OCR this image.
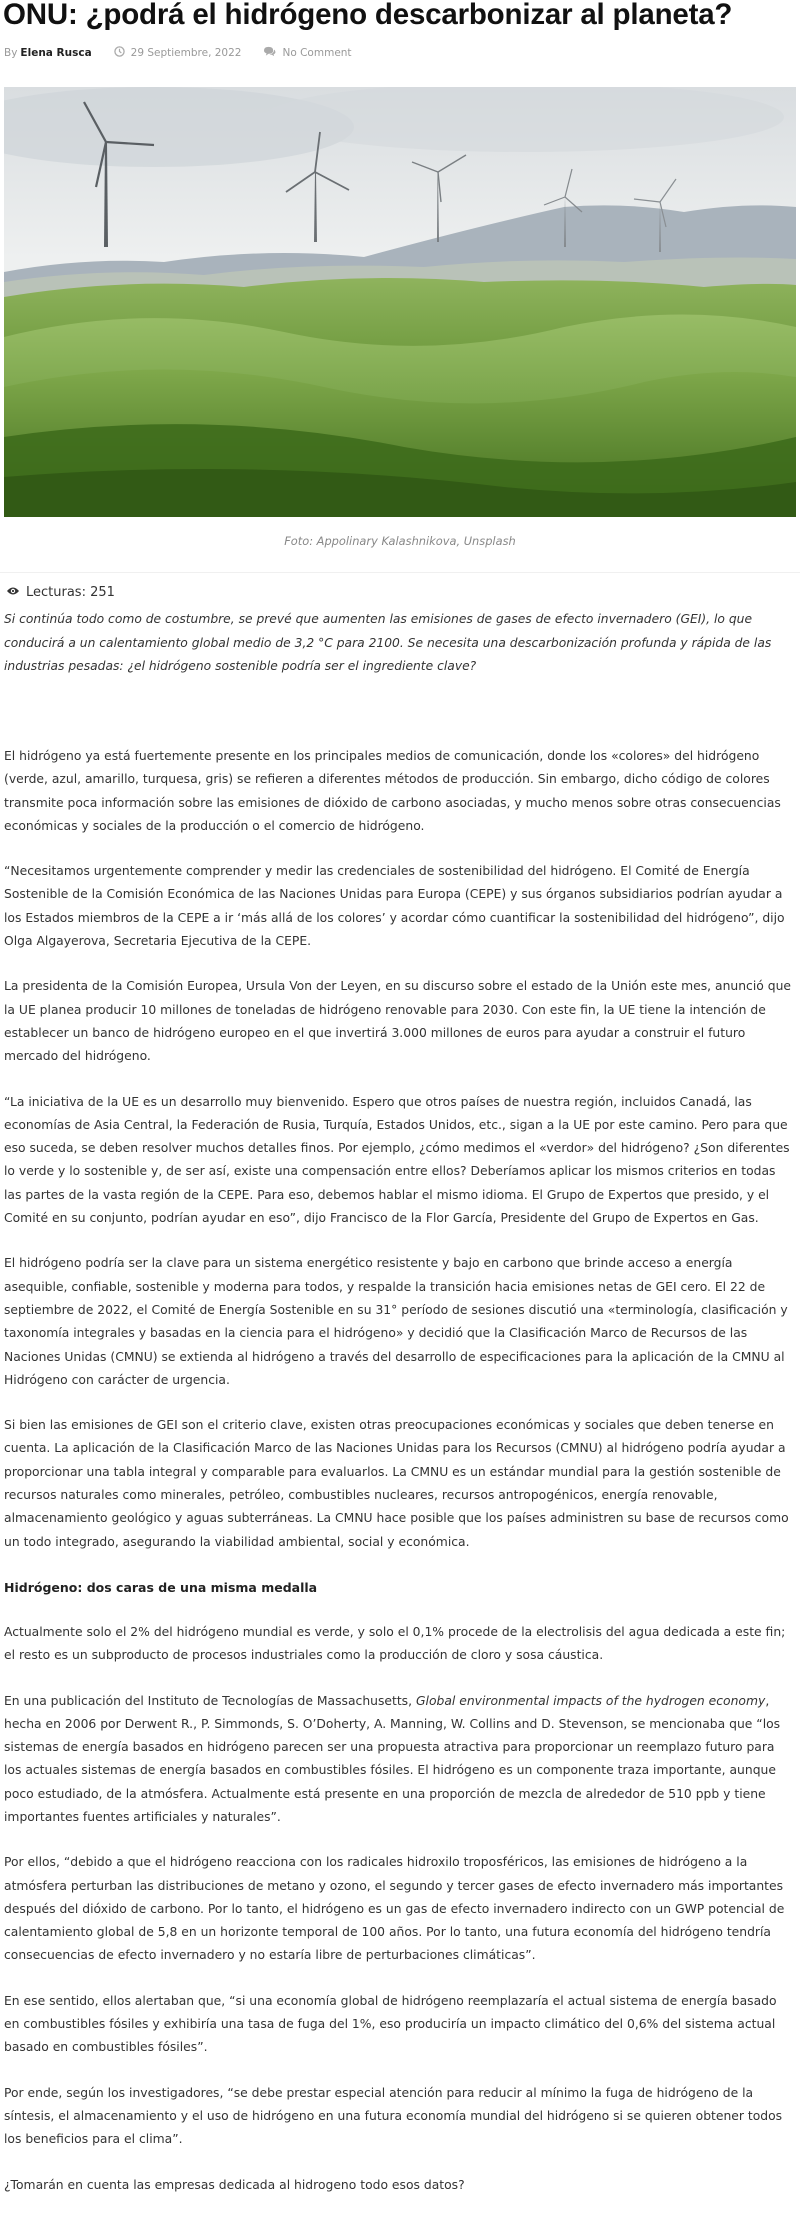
ONU: ¿podrá el hidrógeno descarbonizar al planeta?
By Elena Rusca	29 Septiembre, 2022	No Comment
Foto: Appolinary Kalashnikova, Unsplash
Lecturas: 251

Si continúa todo como de costumbre, se prevé que aumenten las emisiones de gases de efecto invernadero (GEI), lo que conducirá a un calentamiento global medio de 3,2 °C para 2100. Se necesita una descarbonización profunda y rápida de las industrias pesadas: ¿el hidrógeno sostenible podría ser el ingrediente clave?

El hidrógeno ya está fuertemente presente en los principales medios de comunicación, donde los «colores» del hidrógeno (verde, azul, amarillo, turquesa, gris) se refieren a diferentes métodos de producción. Sin embargo, dicho código de colores transmite poca información sobre las emisiones de dióxido de carbono asociadas, y mucho menos sobre otras consecuencias económicas y sociales de la producción o el comercio de hidrógeno.

“Necesitamos urgentemente comprender y medir las credenciales de sostenibilidad del hidrógeno. El Comité de Energía Sostenible de la Comisión Económica de las Naciones Unidas para Europa (CEPE) y sus órganos subsidiarios podrían ayudar a los Estados miembros de la CEPE a ir ‘más allá de los colores’ y acordar cómo cuantificar la sostenibilidad del hidrógeno”, dijo Olga Algayerova, Secretaria Ejecutiva de la CEPE.

La presidenta de la Comisión Europea, Ursula Von der Leyen, en su discurso sobre el estado de la Unión este mes, anunció que la UE planea producir 10 millones de toneladas de hidrógeno renovable para 2030. Con este fin, la UE tiene la intención de establecer un banco de hidrógeno europeo en el que invertirá 3.000 millones de euros para ayudar a construir el futuro mercado del hidrógeno.

“La iniciativa de la UE es un desarrollo muy bienvenido. Espero que otros países de nuestra región, incluidos Canadá, las economías de Asia Central, la Federación de Rusia, Turquía, Estados Unidos, etc., sigan a la UE por este camino. Pero para que eso suceda, se deben resolver muchos detalles finos. Por ejemplo, ¿cómo medimos el «verdor» del hidrógeno? ¿Son diferentes lo verde y lo sostenible y, de ser así, existe una compensación entre ellos? Deberíamos aplicar los mismos criterios en todas las partes de la vasta región de la CEPE. Para eso, debemos hablar el mismo idioma. El Grupo de Expertos que presido, y el Comité en su conjunto, podrían ayudar en eso”, dijo Francisco de la Flor García, Presidente del Grupo de Expertos en Gas.

El hidrógeno podría ser la clave para un sistema energético resistente y bajo en carbono que brinde acceso a energía asequible, confiable, sostenible y moderna para todos, y respalde la transición hacia emisiones netas de GEI cero. El 22 de septiembre de 2022, el Comité de Energía Sostenible en su 31° período de sesiones discutió una «terminología, clasificación y taxonomía integrales y basadas en la ciencia para el hidrógeno» y decidió que la Clasificación Marco de Recursos de las Naciones Unidas (CMNU) se extienda al hidrógeno a través del desarrollo de especificaciones para la aplicación de la CMNU al Hidrógeno con carácter de urgencia.

Si bien las emisiones de GEI son el criterio clave, existen otras preocupaciones económicas y sociales que deben tenerse en cuenta. La aplicación de la Clasificación Marco de las Naciones Unidas para los Recursos (CMNU) al hidrógeno podría ayudar a proporcionar una tabla integral y comparable para evaluarlos. La CMNU es un estándar mundial para la gestión sostenible de recursos naturales como minerales, petróleo, combustibles nucleares, recursos antropogénicos, energía renovable, almacenamiento geológico y aguas subterráneas. La CMNU hace posible que los países administren su base de recursos como un todo integrado, asegurando la viabilidad ambiental, social y económica.

Hidrógeno: dos caras de una misma medalla

Actualmente solo el 2% del hidrógeno mundial es verde, y solo el 0,1% procede de la electrolisis del agua dedicada a este fin; el resto es un subproducto de procesos industriales como la producción de cloro y sosa cáustica.

En una publicación del Instituto de Tecnologías de Massachusetts, Global environmental impacts of the hydrogen economy, hecha en 2006 por Derwent R., P. Simmonds, S. O’Doherty, A. Manning, W. Collins and D. Stevenson, se mencionaba que “los sistemas de energía basados en hidrógeno parecen ser una propuesta atractiva para proporcionar un reemplazo futuro para los actuales sistemas de energía basados en combustibles fósiles. El hidrógeno es un componente traza importante, aunque poco estudiado, de la atmósfera. Actualmente está presente en una proporción de mezcla de alrededor de 510 ppb y tiene importantes fuentes artificiales y naturales”.

Por ellos, “debido a que el hidrógeno reacciona con los radicales hidroxilo troposféricos, las emisiones de hidrógeno a la atmósfera perturban las distribuciones de metano y ozono, el segundo y tercer gases de efecto invernadero más importantes después del dióxido de carbono. Por lo tanto, el hidrógeno es un gas de efecto invernadero indirecto con un GWP potencial de calentamiento global de 5,8 en un horizonte temporal de 100 años. Por lo tanto, una futura economía del hidrógeno tendría consecuencias de efecto invernadero y no estaría libre de perturbaciones climáticas”.

En ese sentido, ellos alertaban que, “si una economía global de hidrógeno reemplazaría el actual sistema de energía basado en combustibles fósiles y exhibiría una tasa de fuga del 1%, eso produciría un impacto climático del 0,6% del sistema actual basado en combustibles fósiles”.

Por ende, según los investigadores, “se debe prestar especial atención para reducir al mínimo la fuga de hidrógeno de la síntesis, el almacenamiento y el uso de hidrógeno en una futura economía mundial del hidrógeno si se quieren obtener todos los beneficios para el clima”.

¿Tomarán en cuenta las empresas dedicada al hidrogeno todo esos datos?
